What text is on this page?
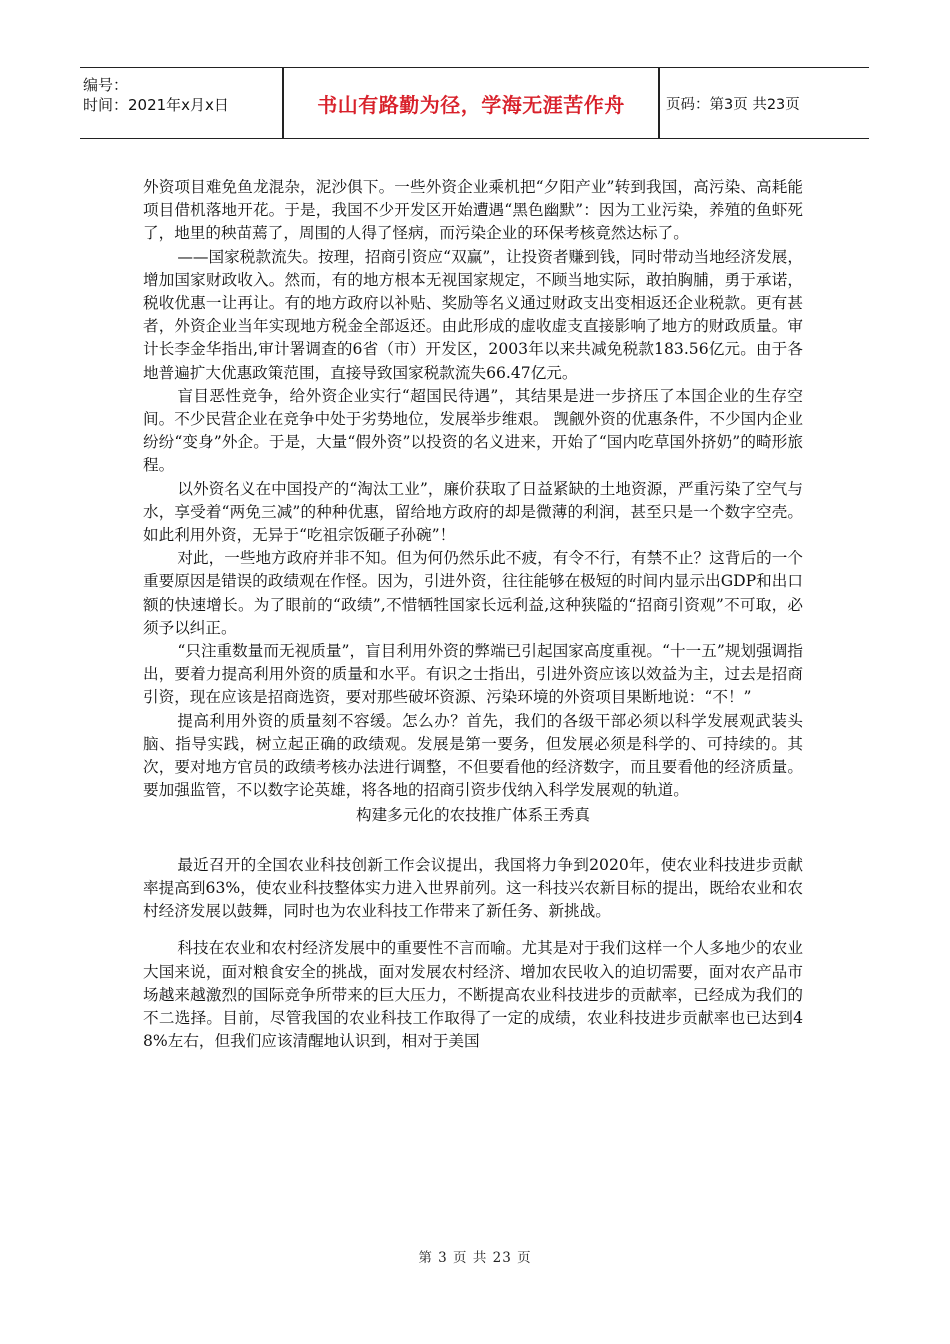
编号：
时间：2021年x月x日	书山有路勤为径，学海无涯苦作舟	页码：第3页 共23页

外资项目难免鱼龙混杂，泥沙俱下。一些外资企业乘机把“夕阳产业”转到我国，高污染、高耗能项目借机落地开花。于是，我国不少开发区开始遭遇“黑色幽默”：因为工业污染，养殖的鱼虾死了，地里的秧苗蔫了，周围的人得了怪病，而污染企业的环保考核竟然达标了。

——国家税款流失。按理，招商引资应“双赢”，让投资者赚到钱，同时带动当地经济发展，增加国家财政收入。然而，有的地方根本无视国家规定，不顾当地实际，敢拍胸脯，勇于承诺，税收优惠一让再让。有的地方政府以补贴、奖励等名义通过财政支出变相返还企业税款。更有甚者，外资企业当年实现地方税金全部返还。由此形成的虚收虚支直接影响了地方的财政质量。审计长李金华指出,审计署调查的6省（市）开发区，2003年以来共减免税款183.56亿元。由于各地普遍扩大优惠政策范围，直接导致国家税款流失66.47亿元。

盲目恶性竞争，给外资企业实行“超国民待遇”，其结果是进一步挤压了本国企业的生存空间。不少民营企业在竞争中处于劣势地位，发展举步维艰。 觊觎外资的优惠条件，不少国内企业纷纷“变身”外企。于是，大量“假外资”以投资的名义进来，开始了“国内吃草国外挤奶”的畸形旅程。

以外资名义在中国投产的“淘汰工业”，廉价获取了日益紧缺的土地资源，严重污染了空气与水，享受着“两免三减”的种种优惠，留给地方政府的却是微薄的利润，甚至只是一个数字空壳。如此利用外资，无异于“吃祖宗饭砸子孙碗”！

对此，一些地方政府并非不知。但为何仍然乐此不疲，有令不行，有禁不止？这背后的一个重要原因是错误的政绩观在作怪。因为，引进外资，往往能够在极短的时间内显示出GDP和出口额的快速增长。为了眼前的“政绩”,不惜牺牲国家长远利益,这种狭隘的“招商引资观”不可取，必须予以纠正。

“只注重数量而无视质量”，盲目利用外资的弊端已引起国家高度重视。“十一五”规划强调指出，要着力提高利用外资的质量和水平。有识之士指出，引进外资应该以效益为主，过去是招商引资，现在应该是招商选资，要对那些破坏资源、污染环境的外资项目果断地说：“不！”

提高利用外资的质量刻不容缓。怎么办？首先，我们的各级干部必须以科学发展观武装头脑、指导实践，树立起正确的政绩观。发展是第一要务，但发展必须是科学的、可持续的。其次，要对地方官员的政绩考核办法进行调整，不但要看他的经济数字，而且要看他的经济质量。要加强监管，不以数字论英雄，将各地的招商引资步伐纳入科学发展观的轨道。

构建多元化的农技推广体系王秀真

最近召开的全国农业科技创新工作会议提出，我国将力争到2020年，使农业科技进步贡献率提高到63%，使农业科技整体实力进入世界前列。这一科技兴农新目标的提出，既给农业和农村经济发展以鼓舞，同时也为农业科技工作带来了新任务、新挑战。

科技在农业和农村经济发展中的重要性不言而喻。尤其是对于我们这样一个人多地少的农业大国来说，面对粮食安全的挑战，面对发展农村经济、增加农民收入的迫切需要，面对农产品市场越来越激烈的国际竞争所带来的巨大压力，不断提高农业科技进步的贡献率，已经成为我们的不二选择。目前，尽管我国的农业科技工作取得了一定的成绩，农业科技进步贡献率也已达到48%左右，但我们应该清醒地认识到，相对于美国

第 3 页 共 23 页
